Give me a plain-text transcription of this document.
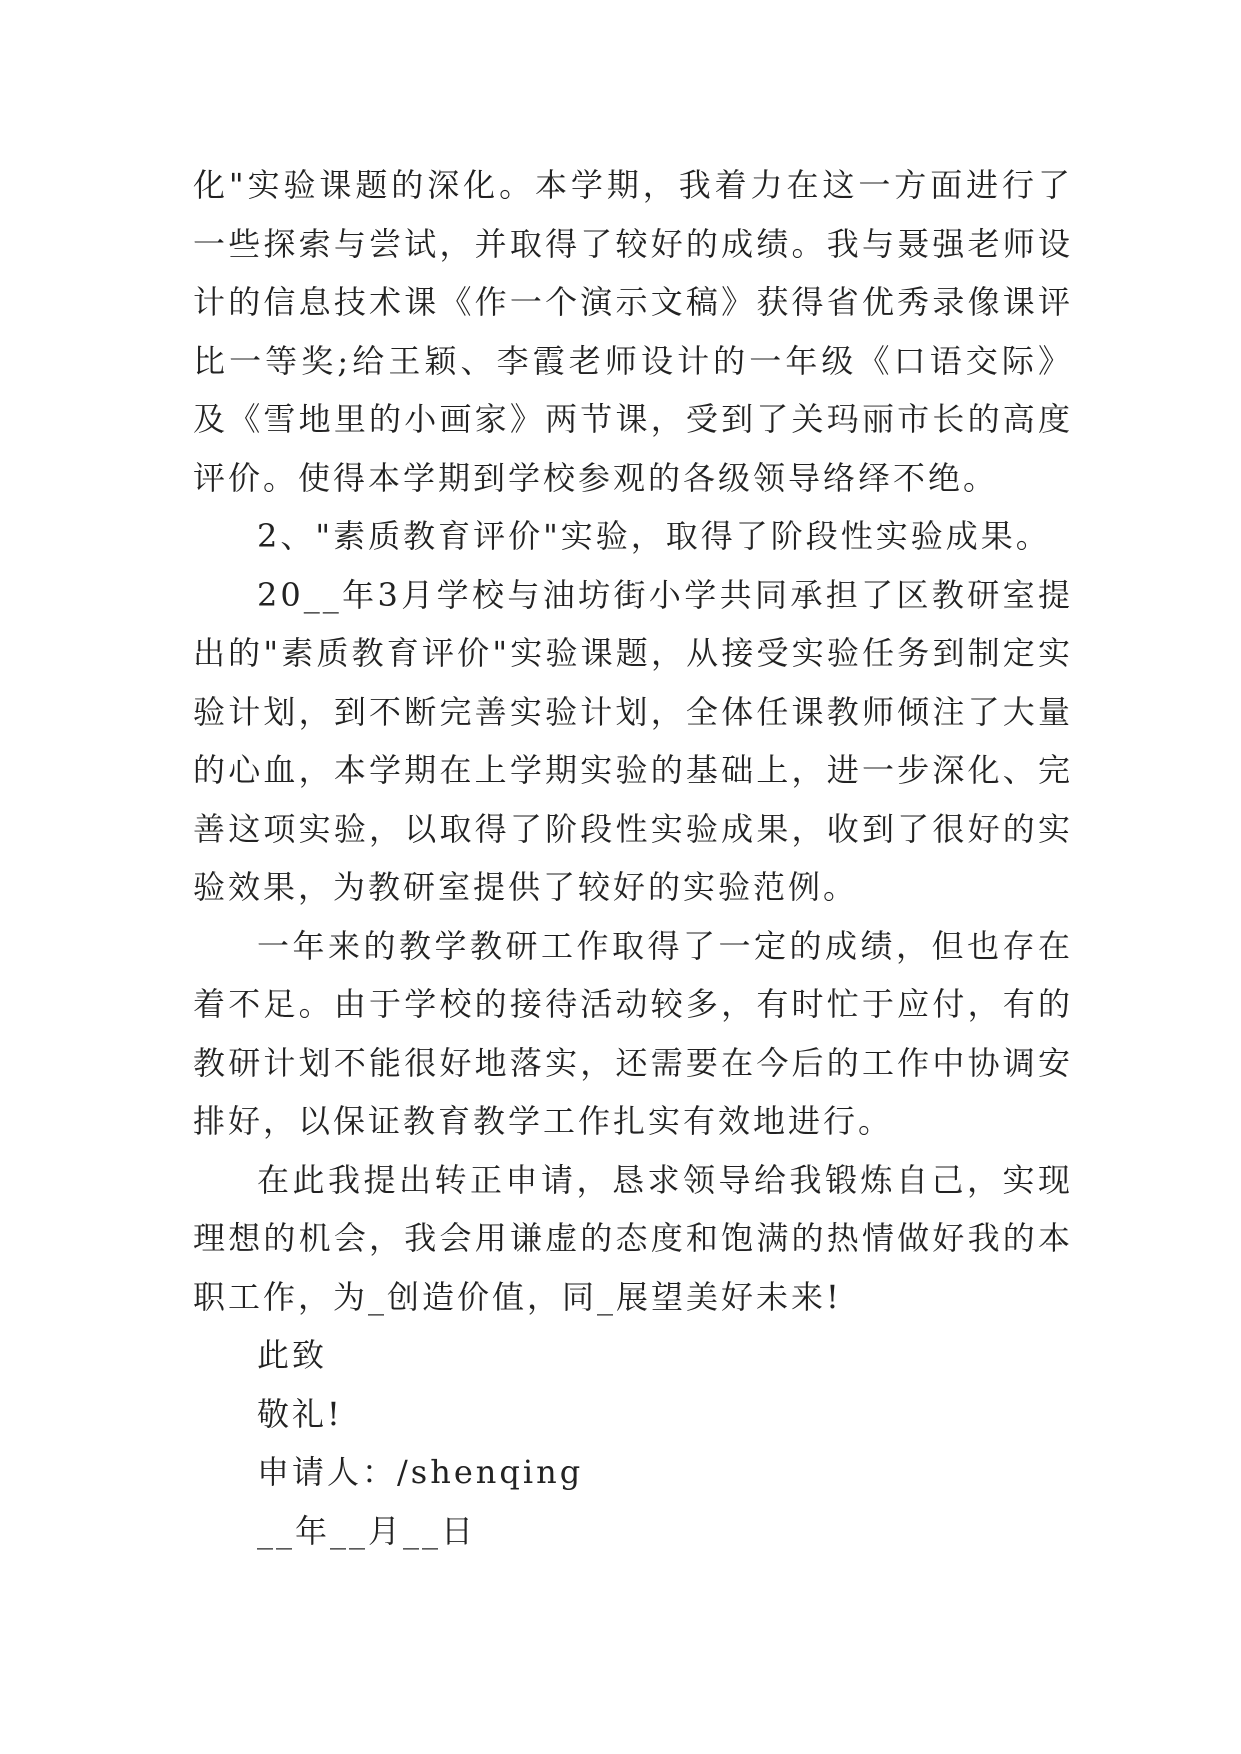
化"实验课题的深化。本学期，我着力在这一方面进行了一些探索与尝试，并取得了较好的成绩。我与聂强老师设计的信息技术课《作一个演示文稿》获得省优秀录像课评比一等奖;给王颖、李霞老师设计的一年级《口语交际》及《雪地里的小画家》两节课，受到了关玛丽市长的高度评价。使得本学期到学校参观的各级领导络绎不绝。

2、"素质教育评价"实验，取得了阶段性实验成果。

20__年3月学校与油坊街小学共同承担了区教研室提出的"素质教育评价"实验课题，从接受实验任务到制定实验计划，到不断完善实验计划，全体任课教师倾注了大量的心血，本学期在上学期实验的基础上，进一步深化、完善这项实验，以取得了阶段性实验成果，收到了很好的实验效果，为教研室提供了较好的实验范例。

一年来的教学教研工作取得了一定的成绩，但也存在着不足。由于学校的接待活动较多，有时忙于应付，有的教研计划不能很好地落实，还需要在今后的工作中协调安排好，以保证教育教学工作扎实有效地进行。

在此我提出转正申请，恳求领导给我锻炼自己，实现理想的机会，我会用谦虚的态度和饱满的热情做好我的本职工作，为_创造价值，同_展望美好未来!

此致

敬礼!

申请人：/shenqing

__年__月__日
